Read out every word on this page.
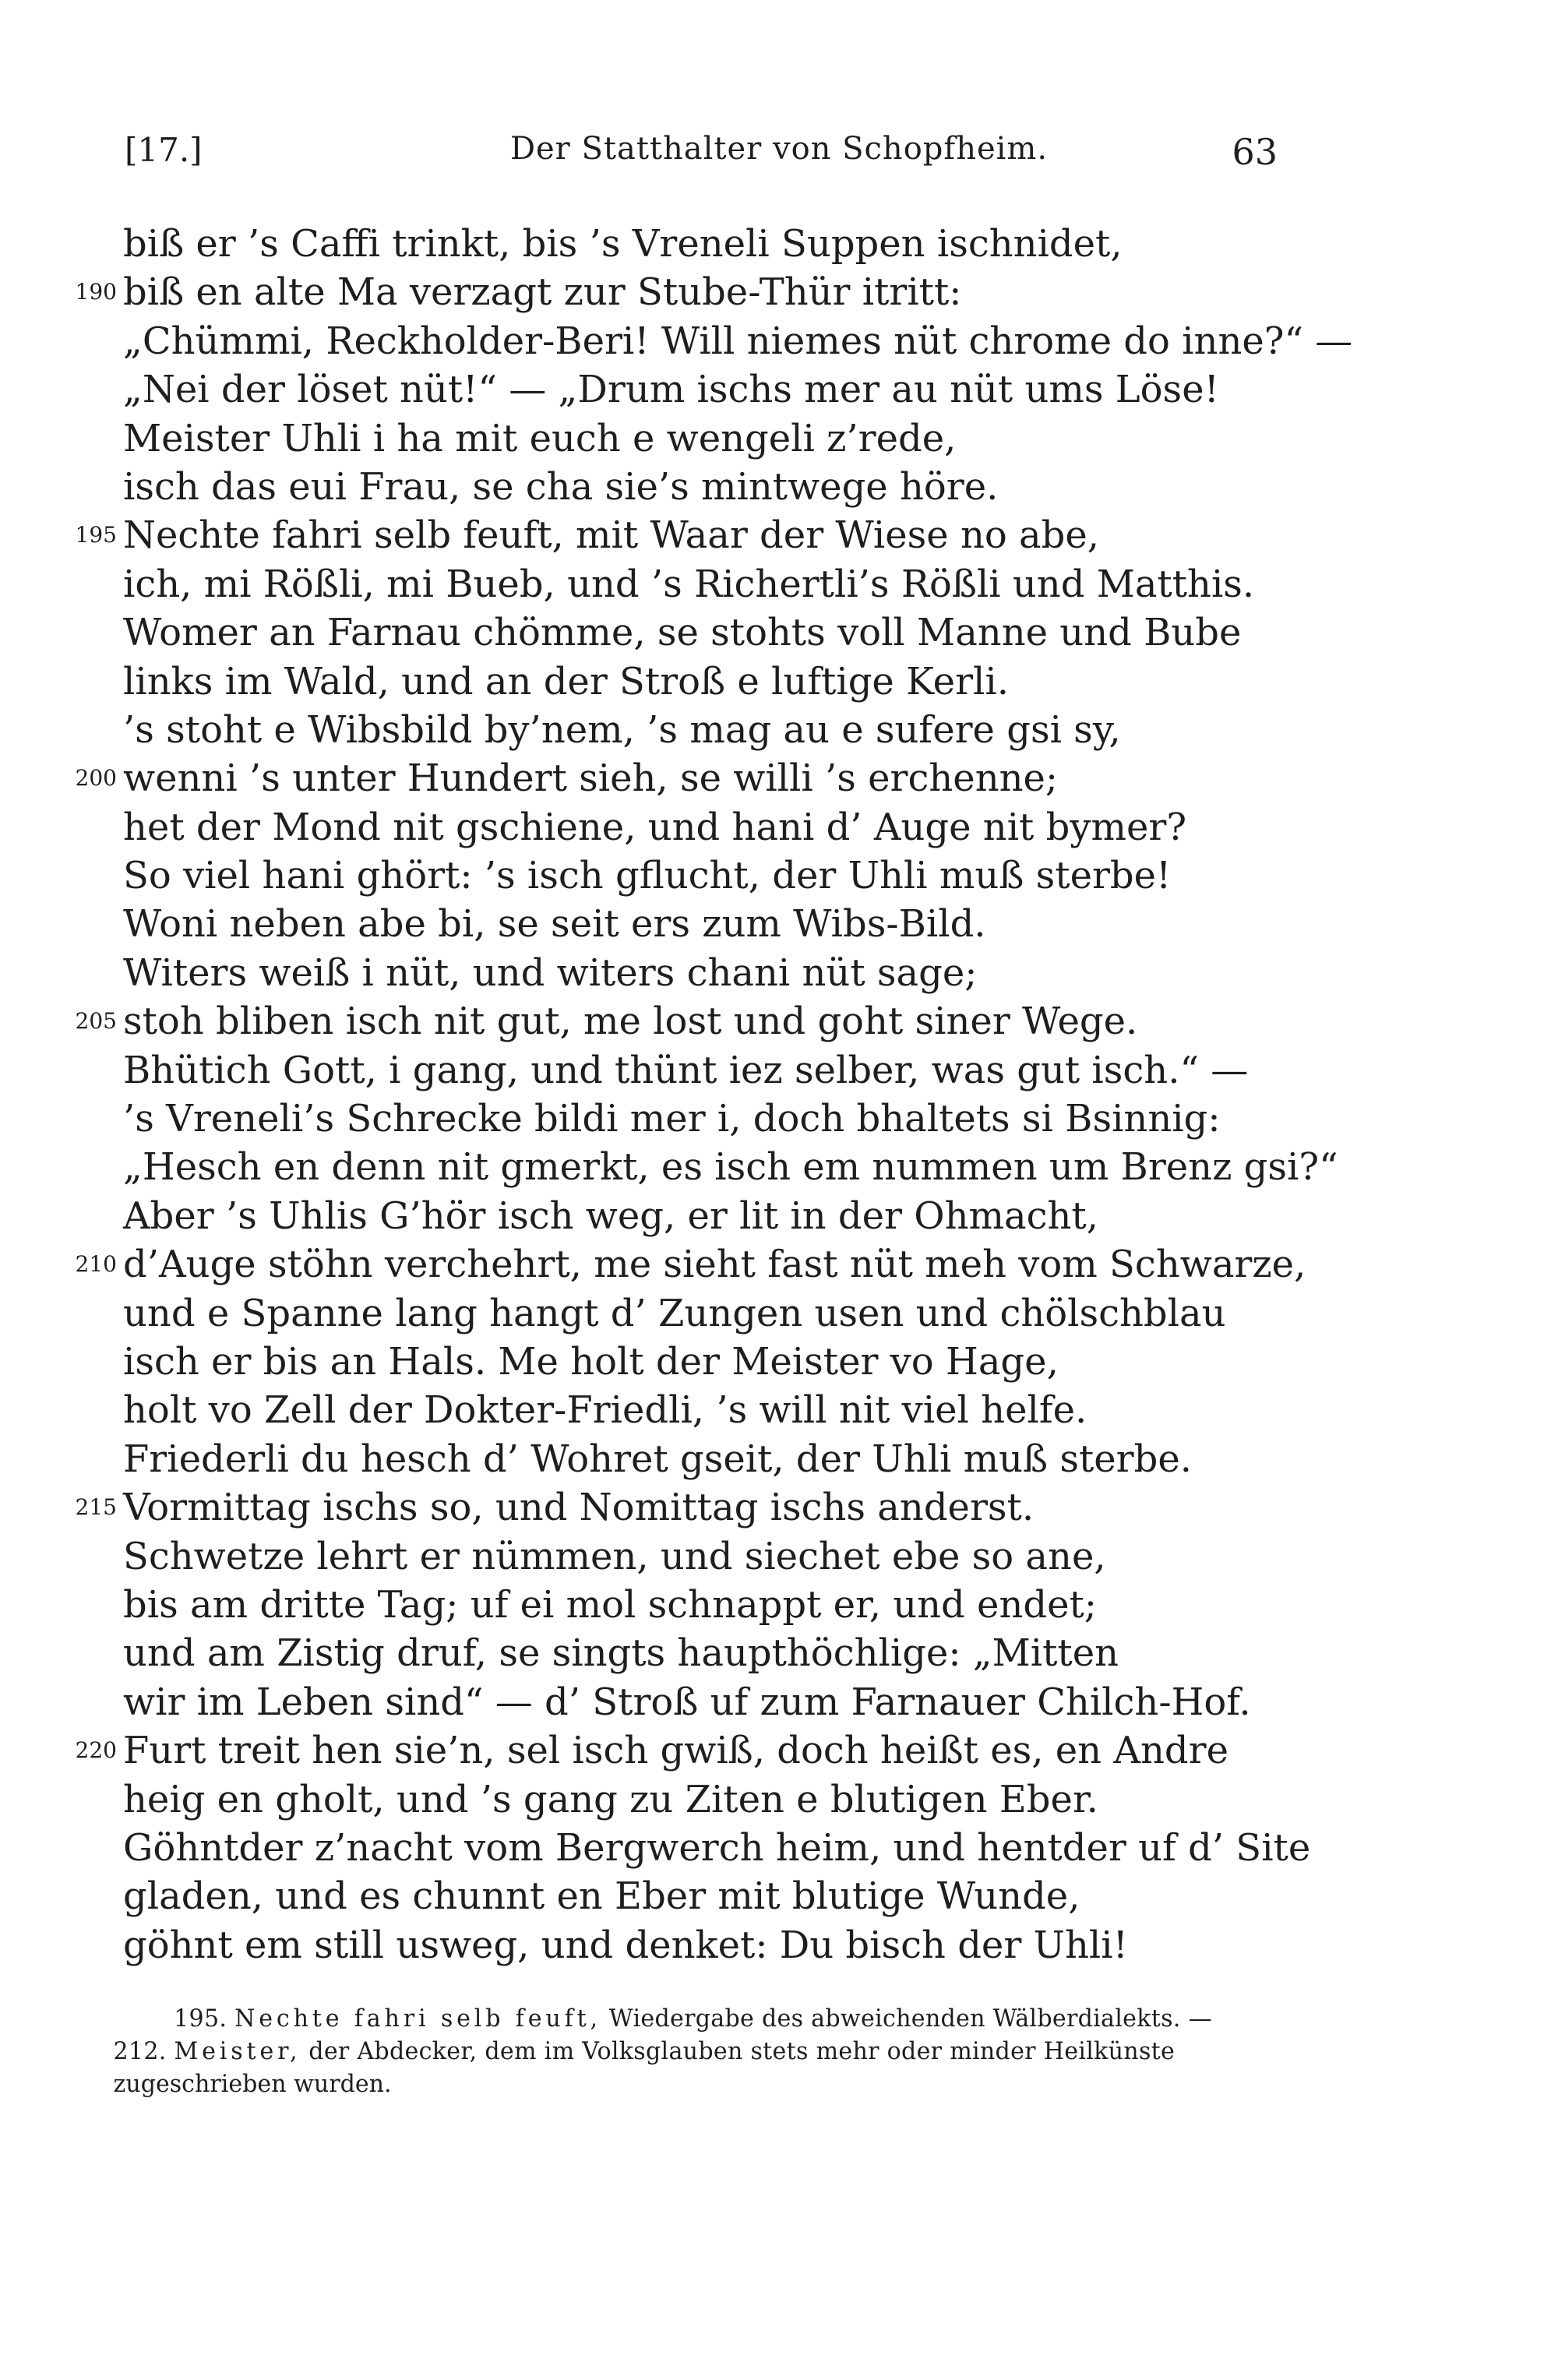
[17.]	Der Statthalter von Schopfheim.	63
biß er ’s Caffi trinkt, bis ’s Vreneli Suppen ischnidet,
190 biß en alte Ma verzagt zur Stube-Thür itritt:
„Chümmi, Reckholder-Beri! Will niemes nüt chrome do inne?“ —
„Nei der löset nüt!“ — „Drum ischs mer au nüt ums Löse!
Meister Uhli i ha mit euch e wengeli z’rede,
isch das eui Frau, se cha sie’s mintwege höre.
195 Nechte fahri selb feuft, mit Waar der Wiese no abe,
ich, mi Rößli, mi Bueb, und ’s Richertli’s Rößli und Matthis.
Womer an Farnau chömme, se stohts voll Manne und Bube
links im Wald, und an der Stroß e luftige Kerli.
’s stoht e Wibsbild by’nem, ’s mag au e sufere gsi sy,
200 wenni ’s unter Hundert sieh, se willi ’s erchenne;
het der Mond nit gschiene, und hani d’ Auge nit bymer?
So viel hani ghört: ’s isch gflucht, der Uhli muß sterbe!
Woni neben abe bi, se seit ers zum Wibs-Bild.
Witers weiß i nüt, und witers chani nüt sage;
205 stoh bliben isch nit gut, me lost und goht siner Wege.
Bhütich Gott, i gang, und thünt iez selber, was gut isch.“ —
’s Vreneli’s Schrecke bildi mer i, doch bhaltets si Bsinnig:
„Hesch en denn nit gmerkt, es isch em nummen um Brenz gsi?“
Aber ’s Uhlis G’hör isch weg, er lit in der Ohmacht,
210 d’Auge stöhn verchehrt, me sieht fast nüt meh vom Schwarze,
und e Spanne lang hangt d’ Zungen usen und chölschblau
isch er bis an Hals. Me holt der Meister vo Hage,
holt vo Zell der Dokter-Friedli, ’s will nit viel helfe.
Friederli du hesch d’ Wohret gseit, der Uhli muß sterbe.
215 Vormittag ischs so, und Nomittag ischs anderst.
Schwetze lehrt er nümmen, und siechet ebe so ane,
bis am dritte Tag; uf ei mol schnappt er, und endet;
und am Zistig druf, se singts haupthöchlige: „Mitten
wir im Leben sind“ — d’ Stroß uf zum Farnauer Chilch-Hof.
220 Furt treit hen sie’n, sel isch gwiß, doch heißt es, en Andre
heig en gholt, und ’s gang zu Ziten e blutigen Eber.
Göhntder z’nacht vom Bergwerch heim, und hentder uf d’ Site
gladen, und es chunnt en Eber mit blutige Wunde,
göhnt em still usweg, und denket: Du bisch der Uhli!
195. Nechte fahri selb feuft, Wiedergabe des abweichenden Wälberdialekts. —
212. Meister, der Abdecker, dem im Volksglauben stets mehr oder minder Heilkünste
zugeschrieben wurden.
